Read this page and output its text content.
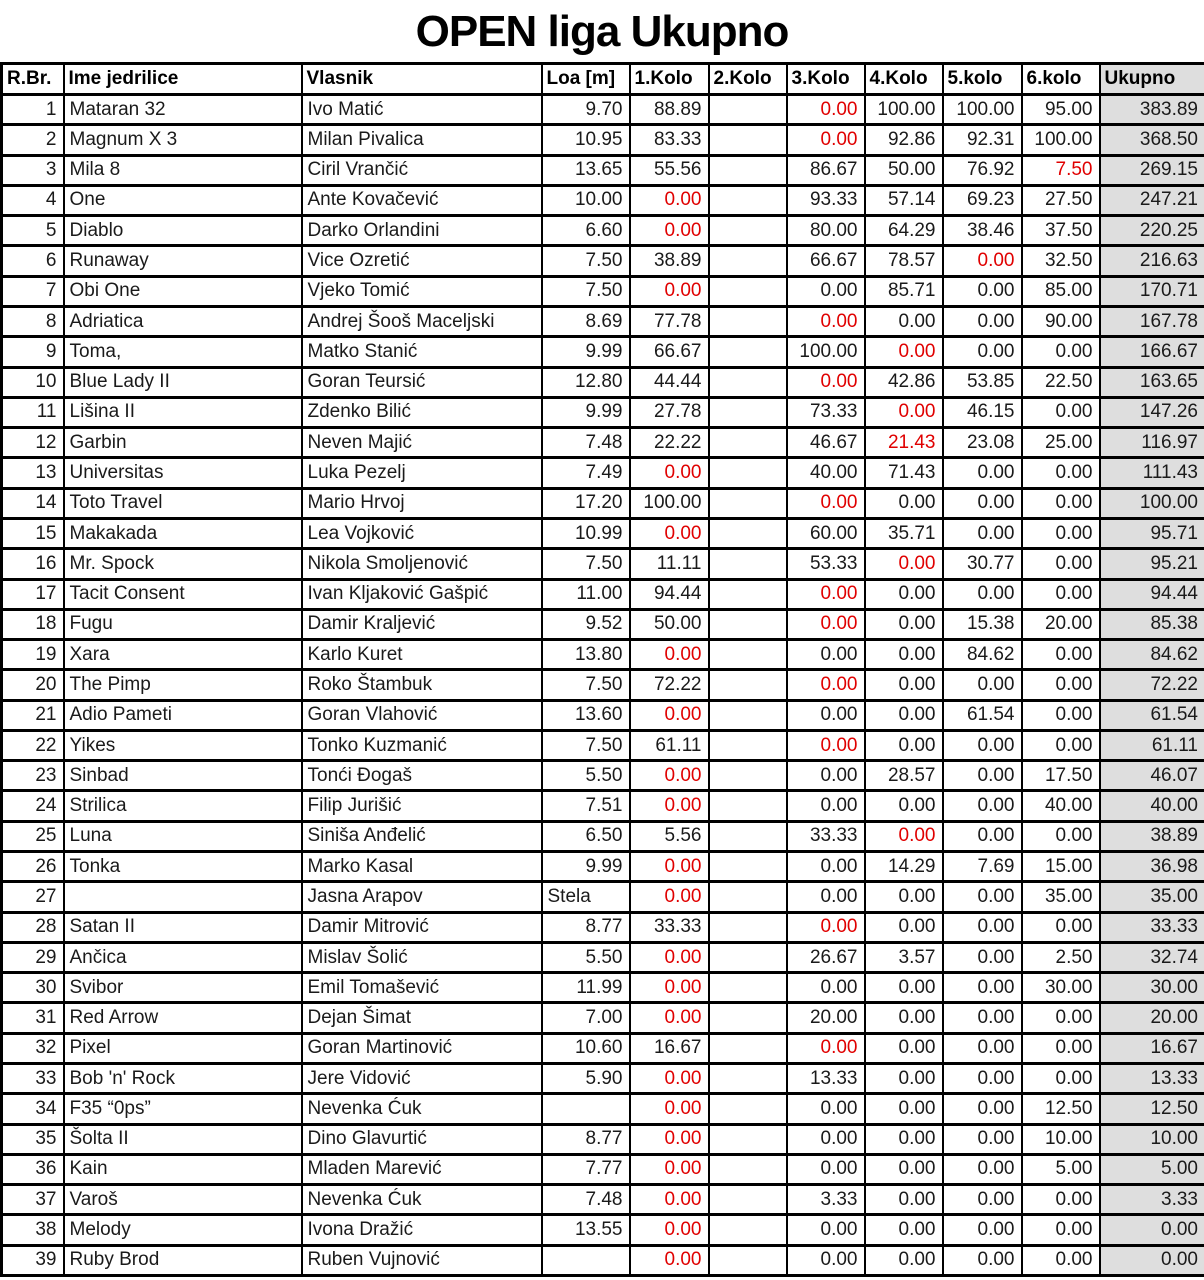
OPEN liga Ukupno
R.Br.	Ime jedrilice	Vlasnik	Loa [m]	1.Kolo	2.Kolo	3.Kolo	4.Kolo	5.kolo	6.kolo	Ukupno
1	Mataran 32	Ivo Matić	9.70	88.89		0.00	100.00	100.00	95.00	383.89
2	Magnum X 3	Milan Pivalica	10.95	83.33		0.00	92.86	92.31	100.00	368.50
3	Mila 8	Ciril Vrančić	13.65	55.56		86.67	50.00	76.92	7.50	269.15
4	One	Ante Kovačević	10.00	0.00		93.33	57.14	69.23	27.50	247.21
5	Diablo	Darko Orlandini	6.60	0.00		80.00	64.29	38.46	37.50	220.25
6	Runaway	Vice Ozretić	7.50	38.89		66.67	78.57	0.00	32.50	216.63
7	Obi One	Vjeko Tomić	7.50	0.00		0.00	85.71	0.00	85.00	170.71
8	Adriatica	Andrej Šooš Maceljski	8.69	77.78		0.00	0.00	0.00	90.00	167.78
9	Toma,	Matko Stanić	9.99	66.67		100.00	0.00	0.00	0.00	166.67
10	Blue Lady II	Goran Teursić	12.80	44.44		0.00	42.86	53.85	22.50	163.65
11	Lišina II	Zdenko Bilić	9.99	27.78		73.33	0.00	46.15	0.00	147.26
12	Garbin	Neven Majić	7.48	22.22		46.67	21.43	23.08	25.00	116.97
13	Universitas	Luka Pezelj	7.49	0.00		40.00	71.43	0.00	0.00	111.43
14	Toto Travel	Mario Hrvoj	17.20	100.00		0.00	0.00	0.00	0.00	100.00
15	Makakada	Lea Vojković	10.99	0.00		60.00	35.71	0.00	0.00	95.71
16	Mr. Spock	Nikola Smoljenović	7.50	11.11		53.33	0.00	30.77	0.00	95.21
17	Tacit Consent	Ivan Kljaković Gašpić	11.00	94.44		0.00	0.00	0.00	0.00	94.44
18	Fugu	Damir Kraljević	9.52	50.00		0.00	0.00	15.38	20.00	85.38
19	Xara	Karlo Kuret	13.80	0.00		0.00	0.00	84.62	0.00	84.62
20	The Pimp	Roko Štambuk	7.50	72.22		0.00	0.00	0.00	0.00	72.22
21	Adio Pameti	Goran Vlahović	13.60	0.00		0.00	0.00	61.54	0.00	61.54
22	Yikes	Tonko Kuzmanić	7.50	61.11		0.00	0.00	0.00	0.00	61.11
23	Sinbad	Tonći Đogaš	5.50	0.00		0.00	28.57	0.00	17.50	46.07
24	Strilica	Filip Jurišić	7.51	0.00		0.00	0.00	0.00	40.00	40.00
25	Luna	Siniša Anđelić	6.50	5.56		33.33	0.00	0.00	0.00	38.89
26	Tonka	Marko Kasal	9.99	0.00		0.00	14.29	7.69	15.00	36.98
27		Jasna Arapov	Stela	0.00		0.00	0.00	0.00	35.00	35.00
28	Satan II	Damir Mitrović	8.77	33.33		0.00	0.00	0.00	0.00	33.33
29	Ančica	Mislav Šolić	5.50	0.00		26.67	3.57	0.00	2.50	32.74
30	Svibor	Emil Tomašević	11.99	0.00		0.00	0.00	0.00	30.00	30.00
31	Red Arrow	Dejan Šimat	7.00	0.00		20.00	0.00	0.00	0.00	20.00
32	Pixel	Goran Martinović	10.60	16.67		0.00	0.00	0.00	0.00	16.67
33	Bob 'n' Rock	Jere Vidović	5.90	0.00		13.33	0.00	0.00	0.00	13.33
34	F35 “0ps”	Nevenka Ćuk		0.00		0.00	0.00	0.00	12.50	12.50
35	Šolta II	Dino Glavurtić	8.77	0.00		0.00	0.00	0.00	10.00	10.00
36	Kain	Mladen Marević	7.77	0.00		0.00	0.00	0.00	5.00	5.00
37	Varoš	Nevenka Ćuk	7.48	0.00		3.33	0.00	0.00	0.00	3.33
38	Melody	Ivona Dražić	13.55	0.00		0.00	0.00	0.00	0.00	0.00
39	Ruby Brod	Ruben Vujnović		0.00		0.00	0.00	0.00	0.00	0.00
